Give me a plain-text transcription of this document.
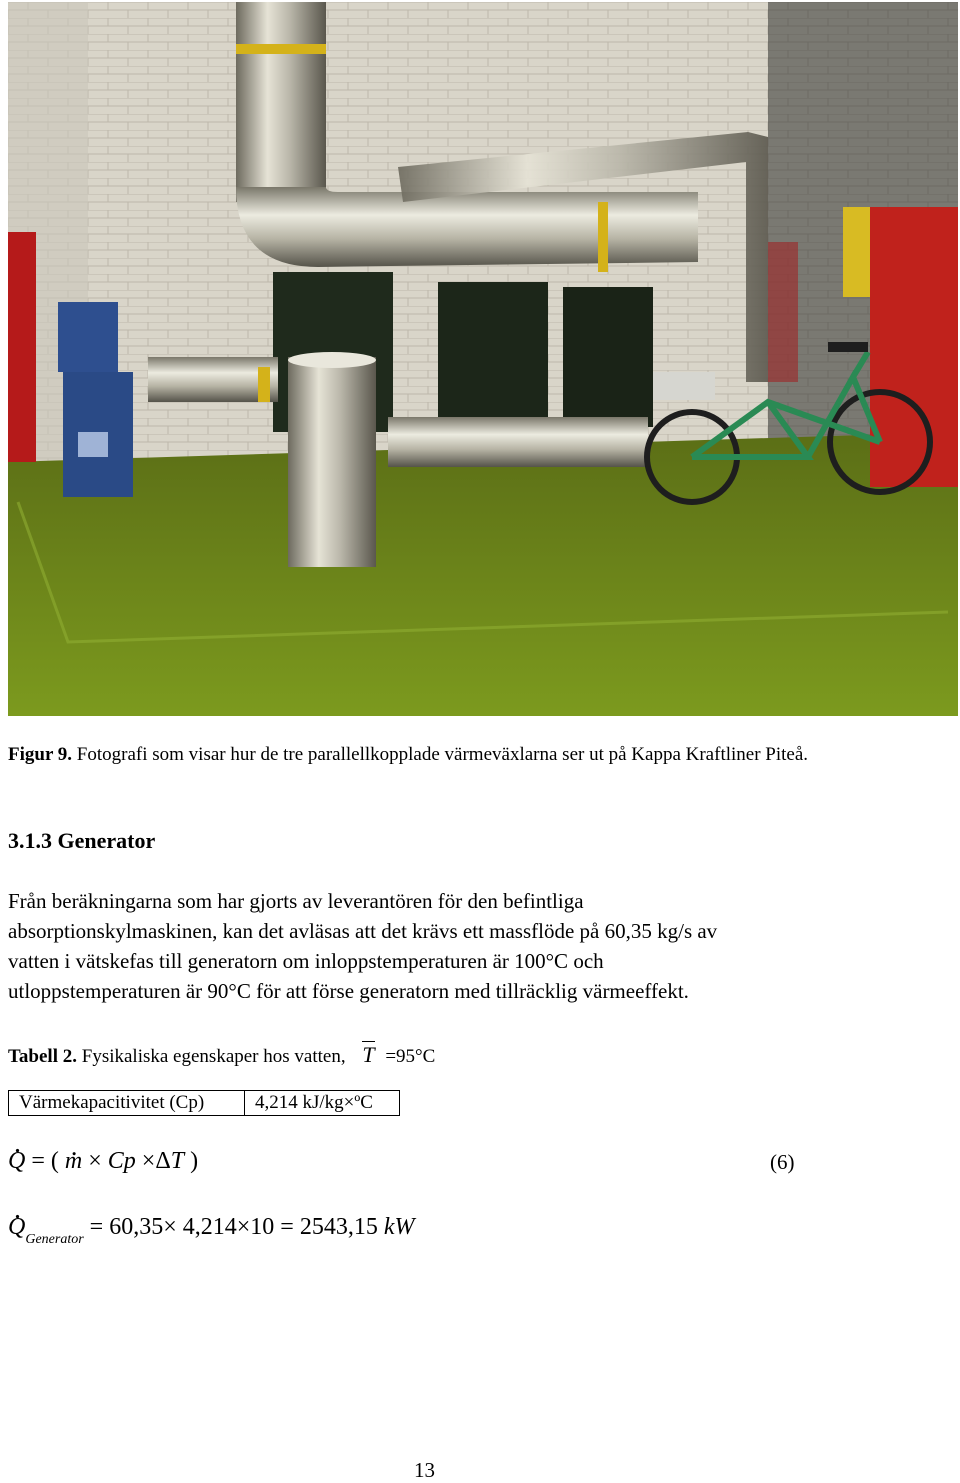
Figur 9. Fotografi som visar hur de tre parallellkopplade värmeväxlarna ser ut på Kappa Kraftliner Piteå.
3.1.3 Generator
Från beräkningarna som har gjorts av leverantören för den befintliga
absorptionskylmaskinen, kan det avläsas att det krävs ett massflöde på 60,35 kg/s av
vatten i vätskefas till generatorn om inloppstemperaturen är 100°C och
utloppstemperaturen är 90°C för att förse generatorn med tillräcklig värmeeffekt.
Tabell 2. Fysikaliska egenskaper hos vatten, T =95°C
Värmekapacitivitet (Cp)	4,214 kJ/kg×ºC
. Q = ( . m × Cp ×ΔT )	(6)
. $Q_{Generator} = 60,35\times 4,214\times 10 = 2543,15$ kW
13
